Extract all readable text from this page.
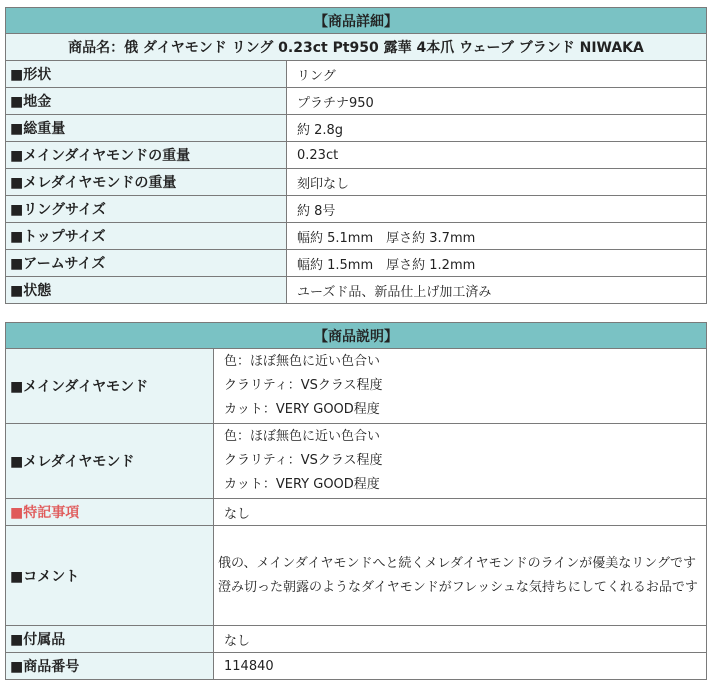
【商品詳細】	
商品名：俄 ダイヤモンド リング 0.23ct Pt950 露華 4本爪 ウェーブ ブランド NIWAKA	
■形状	リング
■地金	プラチナ950
■総重量	約 2.8g
■メインダイヤモンドの重量	0.23ct
■メレダイヤモンドの重量	刻印なし
■リングサイズ	約 8号
■トップサイズ	幅約 5.1mm　厚さ約 3.7mm
■アームサイズ	幅約 1.5mm　厚さ約 1.2mm
■状態	ユーズド品、新品仕上げ加工済み
【商品説明】	
■メインダイヤモンド	色：ほぼ無色に近い色合い
クラリティ：VSクラス程度
カット：VERY GOOD程度

■メレダイヤモンド	色：ほぼ無色に近い色合い
クラリティ：VSクラス程度
カット：VERY GOOD程度

■特記事項	なし
■コメント	俄の、メインダイヤモンドへと続くメレダイヤモンドのラインが優美なリングです
澄み切った朝露のようなダイヤモンドがフレッシュな気持ちにしてくれるお品です
■付属品	なし
■商品番号	114840
